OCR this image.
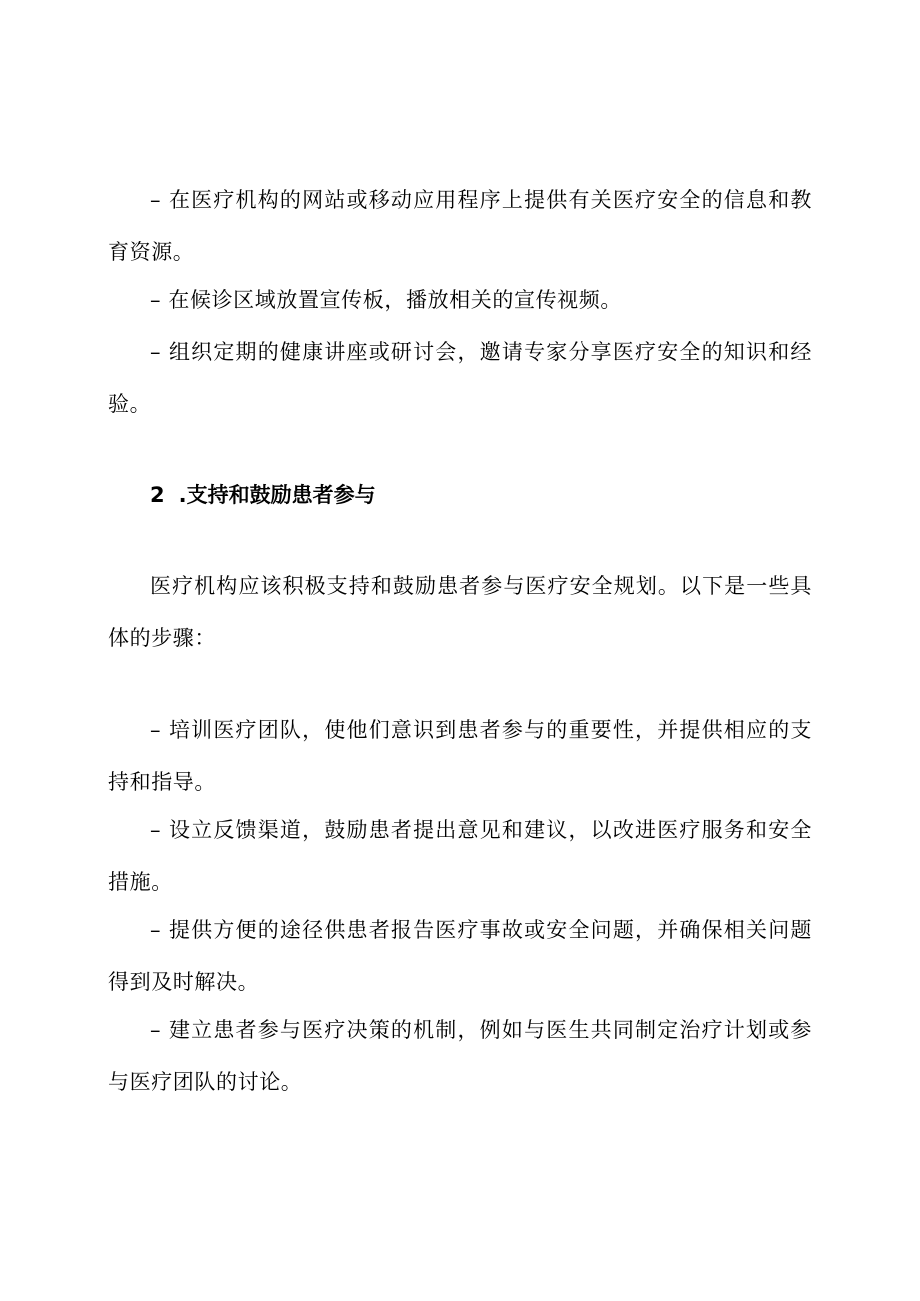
– 在医疗机构的网站或移动应用程序上提供有关医疗安全的信息和教育资源。

– 在候诊区域放置宣传板，播放相关的宣传视频。

– 组织定期的健康讲座或研讨会，邀请专家分享医疗安全的知识和经验。

2 .支持和鼓励患者参与

医疗机构应该积极支持和鼓励患者参与医疗安全规划。以下是一些具体的步骤：

– 培训医疗团队，使他们意识到患者参与的重要性，并提供相应的支持和指导。

– 设立反馈渠道，鼓励患者提出意见和建议，以改进医疗服务和安全措施。

– 提供方便的途径供患者报告医疗事故或安全问题，并确保相关问题得到及时解决。

– 建立患者参与医疗决策的机制，例如与医生共同制定治疗计划或参与医疗团队的讨论。
